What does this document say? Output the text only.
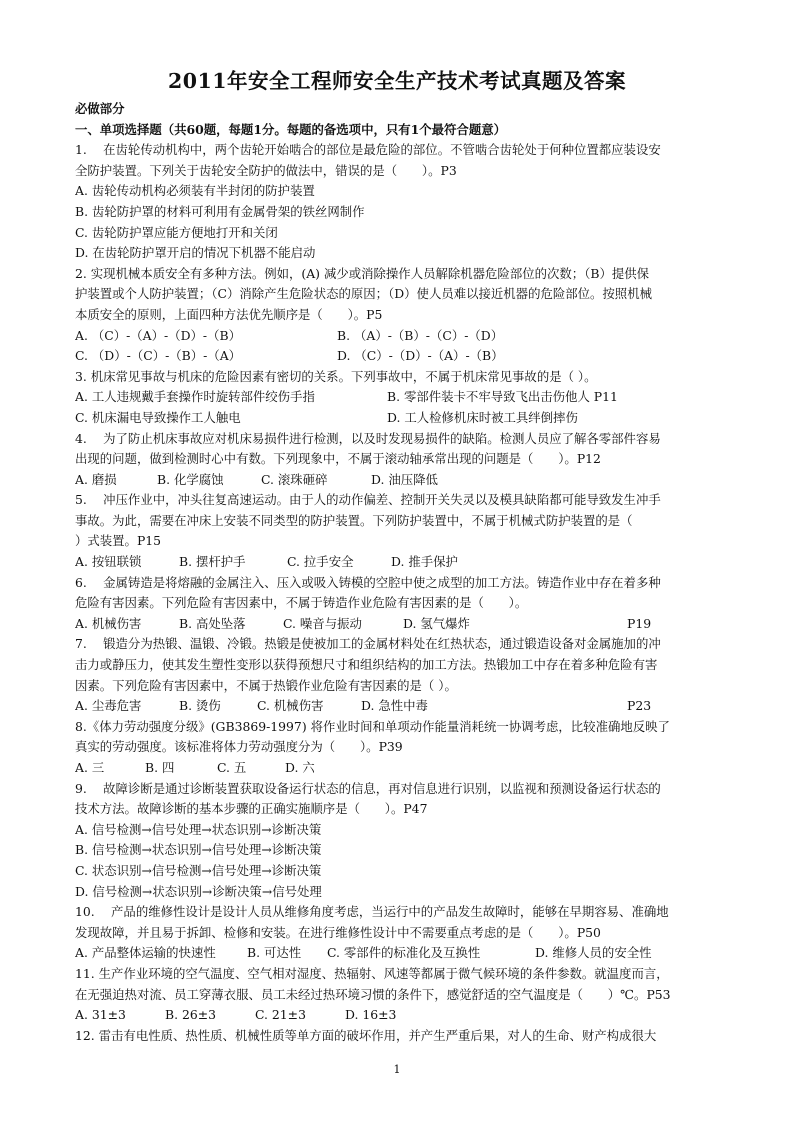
2011年安全工程师安全生产技术考试真题及答案
必做部分
一、单项选择题（共60题，每题1分。每题的备选项中，只有1个最符合题意）
1.　 在齿轮传动机构中，两个齿轮开始啮合的部位是最危险的部位。不管啮合齿轮处于何种位置都应装设安
全防护装置。下列关于齿轮安全防护的做法中，错误的是（　　）。P3
A. 齿轮传动机构必须装有半封闭的防护装置
B. 齿轮防护罩的材料可利用有金属骨架的铁丝网制作
C. 齿轮防护罩应能方便地打开和关闭
D. 在齿轮防护罩开启的情况下机器不能启动
2. 实现机械本质安全有多种方法。例如，(A) 减少或消除操作人员解除机器危险部位的次数；（B）提供保
护装置或个人防护装置；（C）消除产生危险状态的原因；（D）使人员难以接近机器的危险部位。按照机械
本质安全的原则，上面四种方法优先顺序是（　　）。P5
A. （C）-（A）-（D）-（B）	B. （A）-（B）-（C）-（D）
C. （D）-（C）-（B）-（A）	D. （C）-（D）-（A）-（B）
3. 机床常见事故与机床的危险因素有密切的关系。下列事故中，不属于机床常见事故的是（ ）。
A. 工人违规戴手套操作时旋转部件绞伤手指	B. 零部件装卡不牢导致飞出击伤他人 P11
C. 机床漏电导致操作工人触电	D. 工人检修机床时被工具绊倒摔伤
4.　 为了防止机床事故应对机床易损件进行检测，以及时发现易损件的缺陷。检测人员应了解各零部件容易
出现的问题，做到检测时心中有数。下列现象中，不属于滚动轴承常出现的问题是（　　）。P12
A. 磨损	B. 化学腐蚀	C. 滚珠砸碎	D. 油压降低
5.　 冲压作业中，冲头往复高速运动。由于人的动作偏差、控制开关失灵以及模具缺陷都可能导致发生冲手
事故。为此，需要在冲床上安装不同类型的防护装置。下列防护装置中，不属于机械式防护装置的是（
）式装置。P15
A. 按钮联锁	B. 摆杆护手	C. 拉手安全	D. 推手保护
6.　 金属铸造是将熔融的金属注入、压入或吸入铸模的空腔中使之成型的加工方法。铸造作业中存在着多种
危险有害因素。下列危险有害因素中，不属于铸造作业危险有害因素的是（　　）。
A. 机械伤害	B. 高处坠落	C. 噪音与振动	D. 氢气爆炸	P19
7.　 锻造分为热锻、温锻、冷锻。热锻是使被加工的金属材料处在红热状态，通过锻造设备对金属施加的冲
击力或静压力，使其发生塑性变形以获得预想尺寸和组织结构的加工方法。热锻加工中存在着多种危险有害
因素。下列危险有害因素中，不属于热锻作业危险有害因素的是（ ）。
A. 尘毒危害	B. 烫伤	C. 机械伤害	D. 急性中毒	P23
8.《体力劳动强度分级》(GB3869-1997) 将作业时间和单项动作能量消耗统一协调考虑，比较准确地反映了
真实的劳动强度。该标准将体力劳动强度分为（　　）。P39
A. 三	B. 四	C. 五	D. 六
9.　 故障诊断是通过诊断装置获取设备运行状态的信息，再对信息进行识别，以监视和预测设备运行状态的
技术方法。故障诊断的基本步骤的正确实施顺序是（　　）。P47
A. 信号检测→信号处理→状态识别→诊断决策
B. 信号检测→状态识别→信号处理→诊断决策
C. 状态识别→信号检测→信号处理→诊断决策
D. 信号检测→状态识别→诊断决策→信号处理
10.　 产品的维修性设计是设计人员从维修角度考虑，当运行中的产品发生故障时，能够在早期容易、准确地
发现故障，并且易于拆卸、检修和安装。在进行维修性设计中不需要重点考虑的是（　　）。P50
A. 产品整体运输的快速性	B. 可达性 C. 零部件的标准化及互换性	D. 维修人员的安全性
11. 生产作业环境的空气温度、空气相对湿度、热辐射、风速等都属于微气候环境的条件参数。就温度而言，
在无强迫热对流、员工穿薄衣服、员工未经过热环境习惯的条件下，感觉舒适的空气温度是（　　）℃。P53
A. 31±3	B. 26±3	C. 21±3	D. 16±3
12. 雷击有电性质、热性质、机械性质等单方面的破坏作用，并产生严重后果，对人的生命、财产构成很大
1
